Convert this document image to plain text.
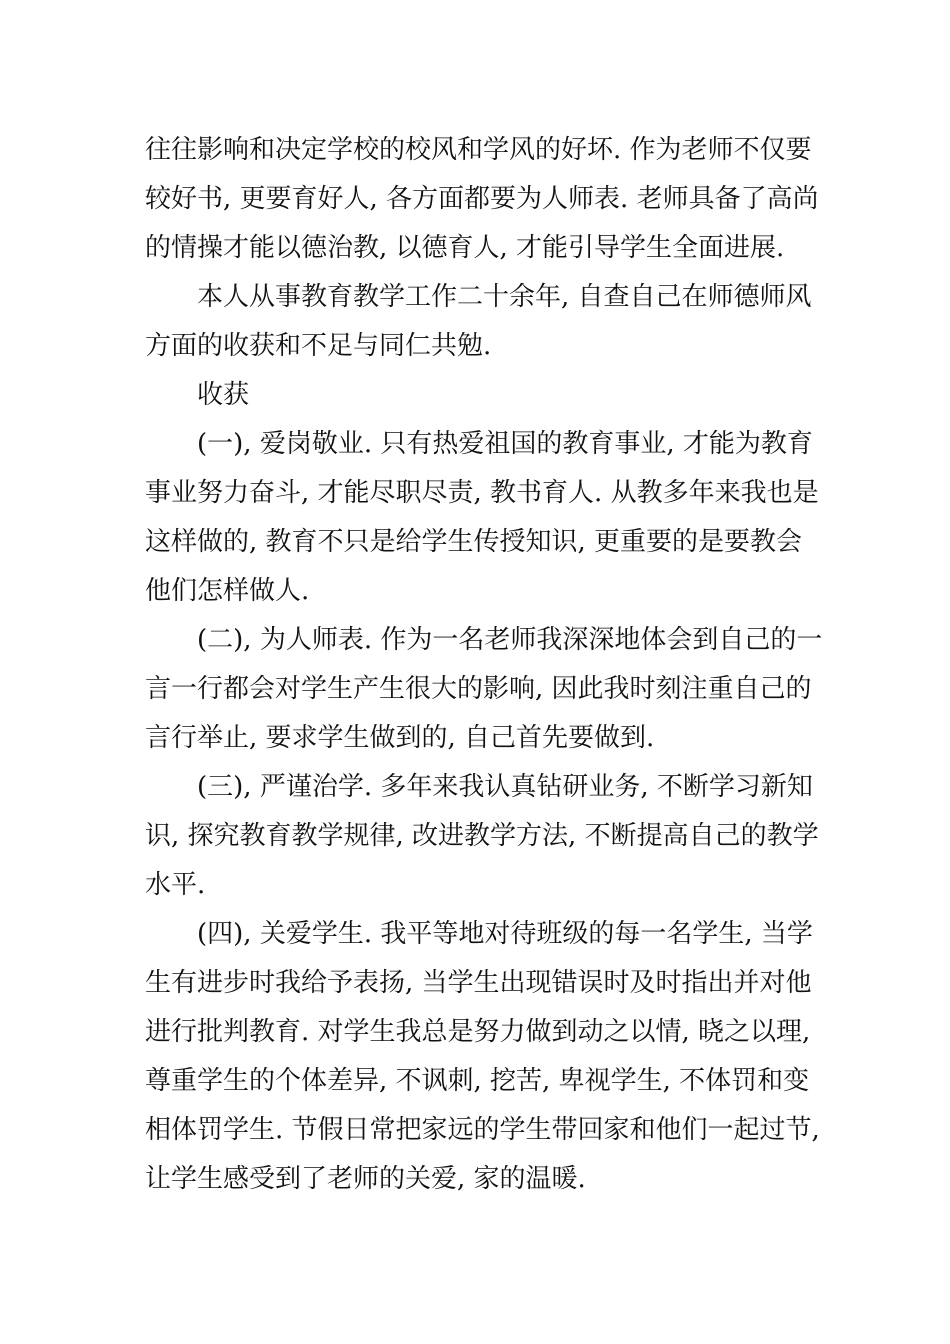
往往影响和决定学校的校风和学风的好坏. 作为老师不仅要较好书, 更要育好人, 各方面都要为人师表. 老师具备了高尚的情操才能以德治教, 以德育人, 才能引导学生全面进展.

本人从事教育教学工作二十余年, 自查自己在师德师风方面的收获和不足与同仁共勉.

收获

(一), 爱岗敬业. 只有热爱祖国的教育事业, 才能为教育事业努力奋斗, 才能尽职尽责, 教书育人. 从教多年来我也是这样做的, 教育不只是给学生传授知识, 更重要的是要教会他们怎样做人.

(二), 为人师表. 作为一名老师我深深地体会到自己的一言一行都会对学生产生很大的影响, 因此我时刻注重自己的言行举止, 要求学生做到的, 自己首先要做到.

(三), 严谨治学. 多年来我认真钻研业务, 不断学习新知识, 探究教育教学规律, 改进教学方法, 不断提高自己的教学水平.

(四), 关爱学生. 我平等地对待班级的每一名学生, 当学生有进步时我给予表扬, 当学生出现错误时及时指出并对他进行批判教育. 对学生我总是努力做到动之以情, 晓之以理, 尊重学生的个体差异, 不讽刺, 挖苦, 卑视学生, 不体罚和变相体罚学生. 节假日常把家远的学生带回家和他们一起过节, 让学生感受到了老师的关爱, 家的温暖.
